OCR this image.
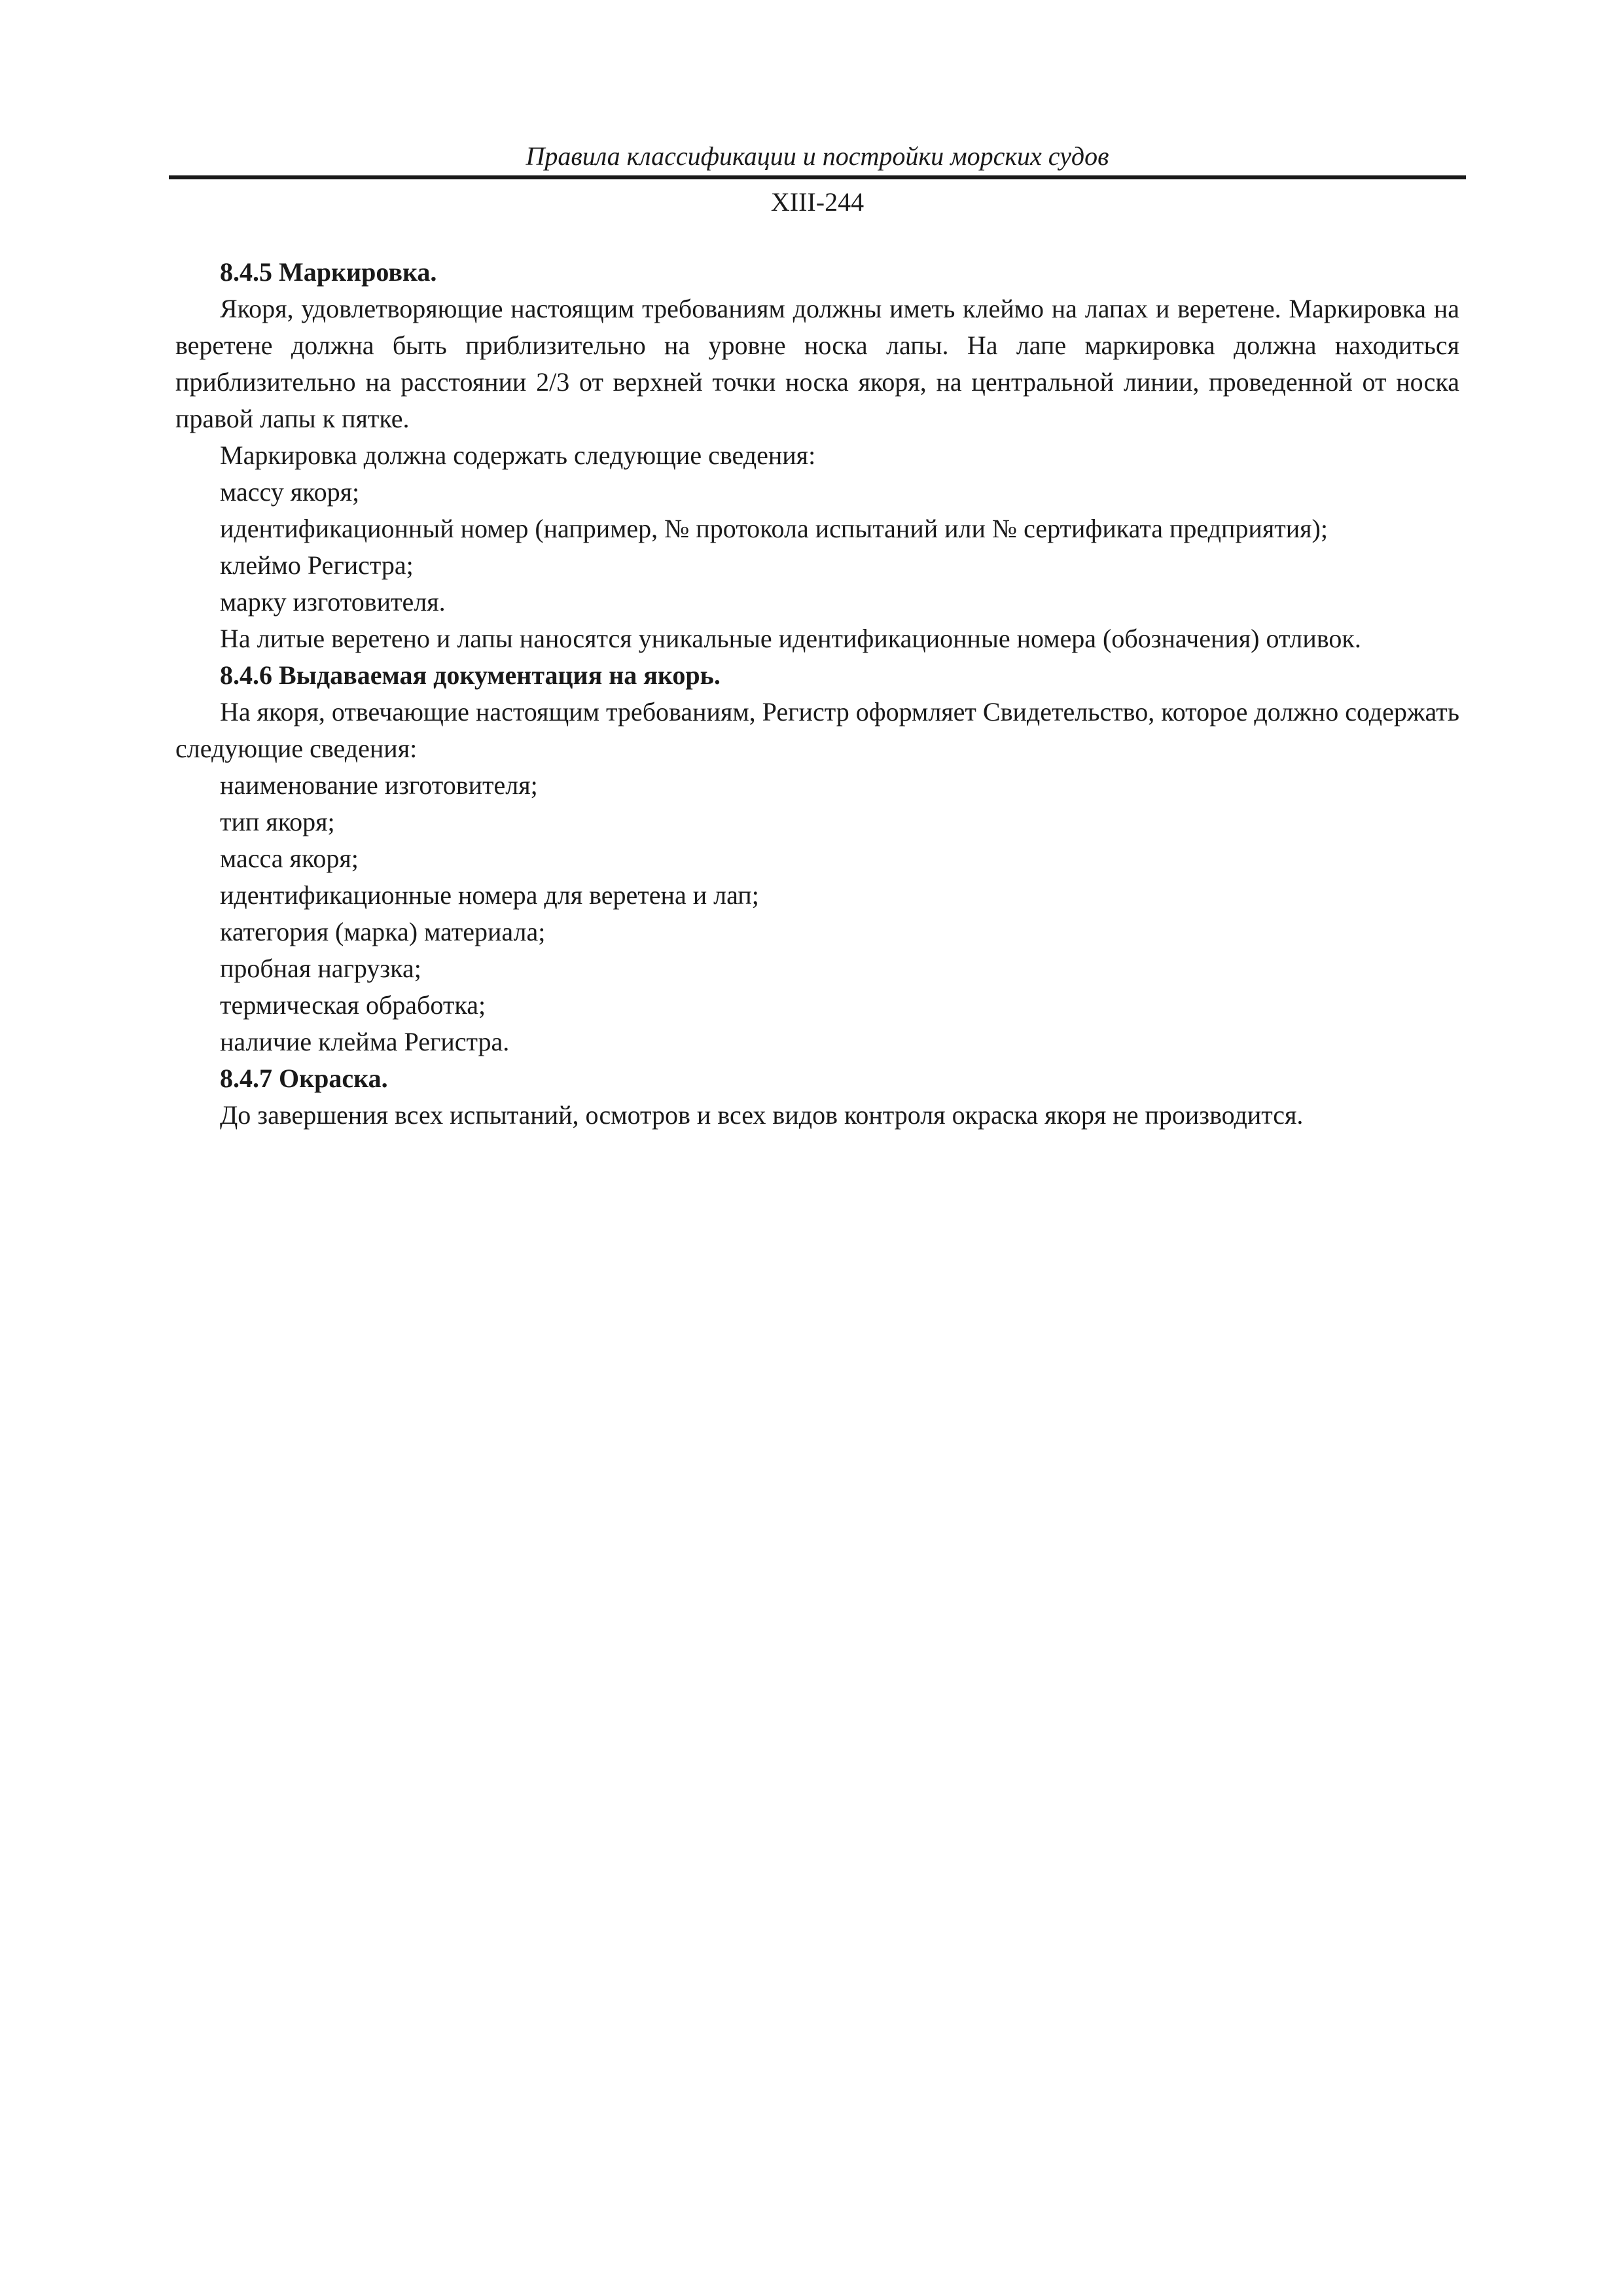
Правила классификации и постройки морских судов
XIII-244

8.4.5 Маркировка.

Якоря, удовлетворяющие настоящим требованиям должны иметь клеймо на лапах и веретене. Маркировка на веретене должна быть приблизительно на уровне носка лапы. На лапе маркировка должна находиться приблизительно на расстоянии 2/3 от верхней точки носка якоря, на центральной линии, проведенной от носка правой лапы к пятке.

Маркировка должна содержать следующие сведения:

массу якоря;

идентификационный номер (например, № протокола испытаний или № сертификата предприятия);

клеймо Регистра;

марку изготовителя.

На литые веретено и лапы наносятся уникальные идентификационные номера (обозначения) отливок.

8.4.6 Выдаваемая документация на якорь.

На якоря, отвечающие настоящим требованиям, Регистр оформляет Свидетельство, которое должно содержать следующие сведения:

наименование изготовителя;

тип якоря;

масса якоря;

идентификационные номера для веретена и лап;

категория (марка) материала;

пробная нагрузка;

термическая обработка;

наличие клейма Регистра.

8.4.7 Окраска.

До завершения всех испытаний, осмотров и всех видов контроля окраска якоря не производится.
